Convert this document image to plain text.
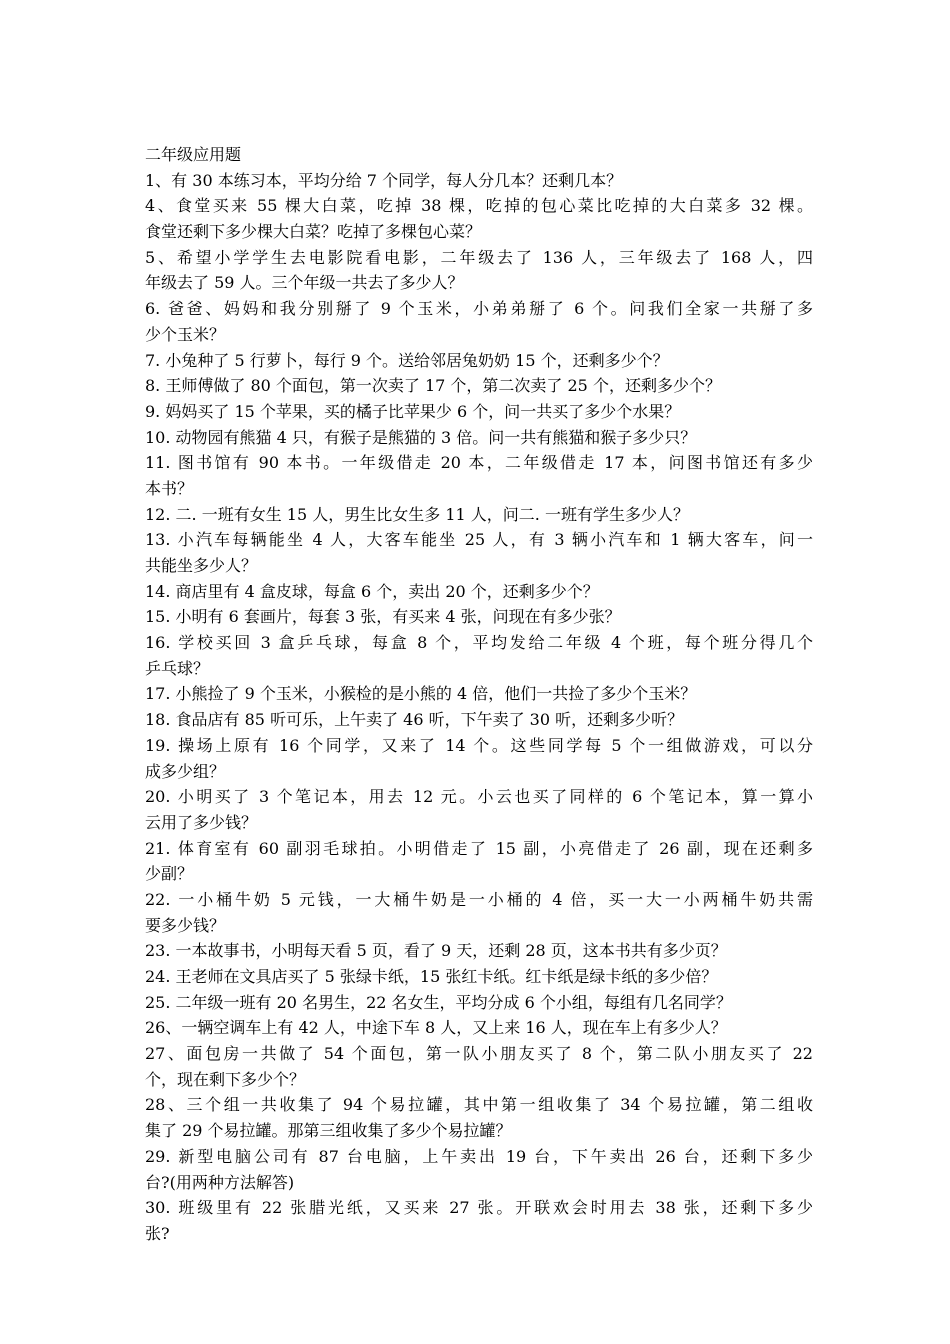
二年级应用题
1、有 30 本练习本，平均分给 7 个同学，每人分几本？还剩几本？
4、食堂买来 55 棵大白菜，吃掉 38 棵，吃掉的包心菜比吃掉的大白菜多 32 棵。
食堂还剩下多少棵大白菜？吃掉了多棵包心菜？
5、希望小学学生去电影院看电影，二年级去了 136 人，三年级去了 168 人，四
年级去了 59 人。三个年级一共去了多少人？
6. 爸爸、妈妈和我分别掰了 9 个玉米，小弟弟掰了 6 个。问我们全家一共掰了多
少个玉米？
7. 小兔种了 5 行萝卜，每行 9 个。送给邻居兔奶奶 15 个，还剩多少个？
8. 王师傅做了 80 个面包，第一次卖了 17 个，第二次卖了 25 个，还剩多少个？
9. 妈妈买了 15 个苹果，买的橘子比苹果少 6 个，问一共买了多少个水果？
10. 动物园有熊猫 4 只，有猴子是熊猫的 3 倍。问一共有熊猫和猴子多少只？
11. 图书馆有 90 本书。一年级借走 20 本，二年级借走 17 本，问图书馆还有多少
本书？
12. 二. 一班有女生 15 人，男生比女生多 11 人，问二. 一班有学生多少人？
13. 小汽车每辆能坐 4 人，大客车能坐 25 人，有 3 辆小汽车和 1 辆大客车，问一
共能坐多少人？
14. 商店里有 4 盒皮球，每盒 6 个，卖出 20 个，还剩多少个？
15. 小明有 6 套画片，每套 3 张，有买来 4 张，问现在有多少张？
16. 学校买回 3 盒乒乓球，每盒 8 个，平均发给二年级 4 个班，每个班分得几个
乒乓球？
17. 小熊捡了 9 个玉米，小猴检的是小熊的 4 倍，他们一共捡了多少个玉米？
18. 食品店有 85 听可乐，上午卖了 46 听，下午卖了 30 听，还剩多少听？
19. 操场上原有 16 个同学，又来了 14 个。这些同学每 5 个一组做游戏，可以分
成多少组？
20. 小明买了 3 个笔记本，用去 12 元。小云也买了同样的 6 个笔记本，算一算小
云用了多少钱？
21. 体育室有 60 副羽毛球拍。小明借走了 15 副，小亮借走了 26 副，现在还剩多
少副？
22. 一小桶牛奶 5 元钱，一大桶牛奶是一小桶的 4 倍，买一大一小两桶牛奶共需
要多少钱？
23. 一本故事书，小明每天看 5 页，看了 9 天，还剩 28 页，这本书共有多少页？
24. 王老师在文具店买了 5 张绿卡纸，15 张红卡纸。红卡纸是绿卡纸的多少倍？
25. 二年级一班有 20 名男生，22 名女生，平均分成 6 个小组，每组有几名同学？
26、一辆空调车上有 42 人，中途下车 8 人，又上来 16 人，现在车上有多少人？
27、面包房一共做了 54 个面包，第一队小朋友买了 8 个，第二队小朋友买了 22
个，现在剩下多少个？
28、三个组一共收集了 94 个易拉罐，其中第一组收集了 34 个易拉罐，第二组收
集了 29 个易拉罐。那第三组收集了多少个易拉罐？
29. 新型电脑公司有 87 台电脑，上午卖出 19 台，下午卖出 26 台，还剩下多少
台?(用两种方法解答)
30. 班级里有 22 张腊光纸，又买来 27 张。开联欢会时用去 38 张，还剩下多少
张?
